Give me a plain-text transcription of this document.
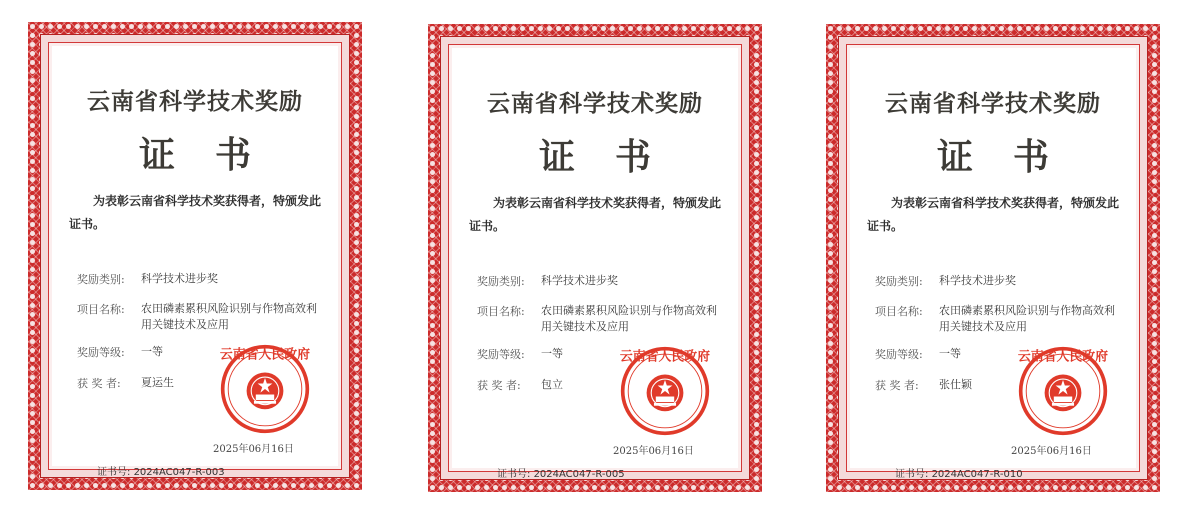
云南省科学技术奖励
证书
为表彰云南省科学技术奖获得者，特颁发此证书。
奖励类别:	科学技术进步奖
项目名称:	农田磷素累积风险识别与作物高效利用关键技术及应用
奖励等级:	一等
获 奖 者:	夏运生
云南省人民政府
2025年06月16日
证书号: 2024AC047-R-003
云南省科学技术奖励
证书
为表彰云南省科学技术奖获得者，特颁发此证书。
奖励类别:	科学技术进步奖
项目名称:	农田磷素累积风险识别与作物高效利用关键技术及应用
奖励等级:	一等
获 奖 者:	包立
云南省人民政府
2025年06月16日
证书号: 2024AC047-R-005
云南省科学技术奖励
证书
为表彰云南省科学技术奖获得者，特颁发此证书。
奖励类别:	科学技术进步奖
项目名称:	农田磷素累积风险识别与作物高效利用关键技术及应用
奖励等级:	一等
获 奖 者:	张仕颖
云南省人民政府
2025年06月16日
证书号: 2024AC047-R-010
